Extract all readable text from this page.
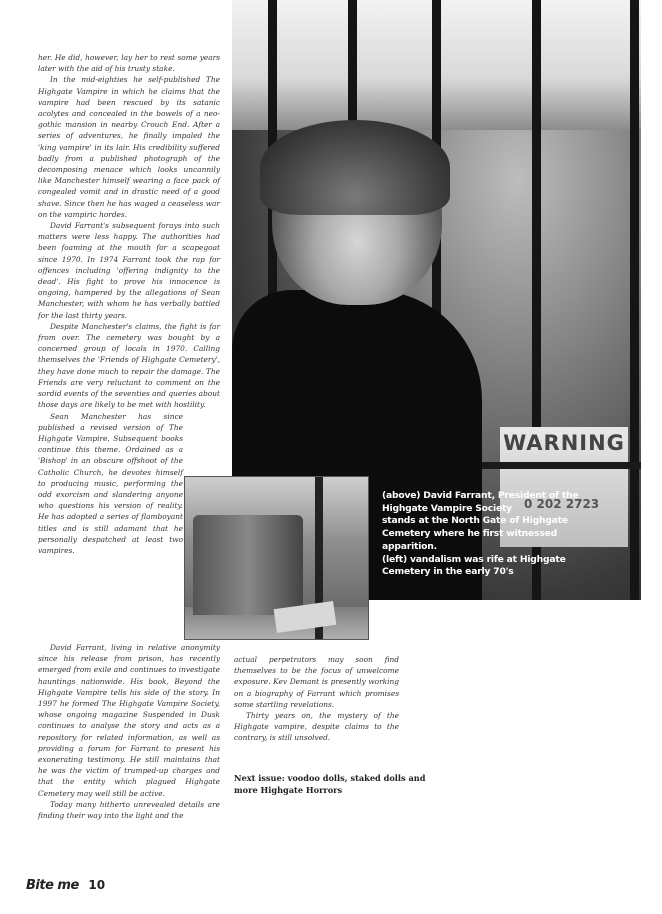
her. He did, however, lay her to rest some years later with the aid of his trusty stake.

In the mid-eighties he self-published The Highgate Vampire in which he claims that the vampire had been rescued by its satanic acolytes and concealed in the bowels of a neo-gothic mansion in nearby Crouch End. After a series of adventures, he finally impaled the 'king vampire' in its lair. His credibility suffered badly from a published photograph of the decomposing menace which looks uncannily like Manchester himself wearing a face pack of congealed vomit and in drastic need of a good shave. Since then he has waged a ceaseless war on the vampiric hordes.

David Farrant's subsequent forays into such matters were less happy. The authorities had been foaming at the mouth for a scapegoat since 1970. In 1974 Farrant took the rap for offences including 'offering indignity to the dead'. His fight to prove his innocence is ongoing, hampered by the allegations of Sean Manchester, with whom he has verbally battled for the last thirty years.

Despite Manchester's claims, the fight is far from over. The cemetery was bought by a concerned group of locals in 1970. Calling themselves the 'Friends of Highgate Cemetery', they have done much to repair the damage. The Friends are very reluctant to comment on the sordid events of the seventies and queries about those days are likely to be met with hostility.

Sean Manchester has since published a revised version of The Highgate Vampire. Subsequent books continue this theme. Ordained as a 'Bishop' in an obscure offshoot of the Catholic Church, he devotes himself to producing music, performing the odd exorcism and slandering anyone who questions his version of reality. He has adopted a series of flamboyant titles and is still adamant that he personally despatched at least two vampires.

David Farrant, living in relative anonymity since his release from prison, has recently emerged from exile and continues to investigate hauntings nationwide. His book, Beyond the Highgate Vampire tells his side of the story. In 1997 he formed The Highgate Vampire Society, whose ongoing magazine Suspended in Dusk continues to analyse the story and acts as a repository for related information, as well as providing a forum for Farrant to present his exonerating testimony. He still maintains that he was the victim of trumped-up charges and that the entity which plagued Highgate Cemetery may well still be active.

Today many hitherto unrevealed details are finding their way into the light and the

WARNING
0 202 2723
(above) David Farrant, President of the
Highgate Vampire Society
stands at the North Gate of Highgate
Cemetery where he first witnessed
apparition.
(left) vandalism was rife at Highgate
Cemetery in the early 70's

actual perpetrators may soon find themselves to be the focus of unwelcome exposure. Kev Demant is presently working on a biography of Farrant which promises some startling revelations.

Thirty years on, the mystery of the Highgate vampire, despite claims to the contrary, is still unsolved.

Next issue: voodoo dolls, staked dolls and more Highgate Horrors
Bite me 10
